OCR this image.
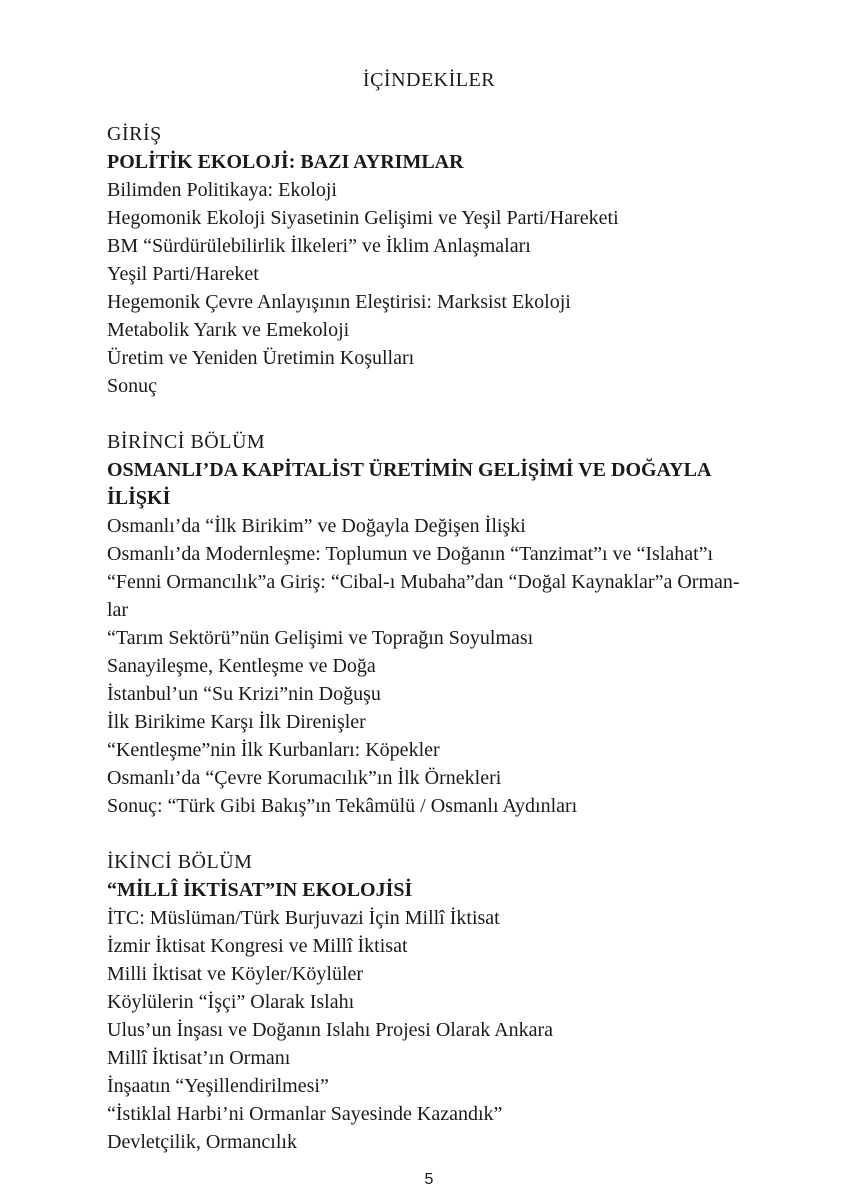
İÇİNDEKİLER
GİRİŞ
POLİTİK EKOLOJİ: BAZI AYRIMLAR
Bilimden Politikaya: Ekoloji
Hegomonik Ekoloji Siyasetinin Gelişimi ve Yeşil Parti/Hareketi
BM “Sürdürülebilirlik İlkeleri” ve İklim Anlaşmaları
Yeşil Parti/Hareket
Hegemonik Çevre Anlayışının Eleştirisi: Marksist Ekoloji
Metabolik Yarık ve Emekoloji
Üretim ve Yeniden Üretimin Koşulları
Sonuç
BİRİNCİ BÖLÜM
OSMANLI’DA KAPİTALİST ÜRETİMİN GELİŞİMİ VE DOĞAYLA İLİŞKİ
Osmanlı’da “İlk Birikim” ve Doğayla Değişen İlişki
Osmanlı’da Modernleşme: Toplumun ve Doğanın “Tanzimat”ı ve “Islahat”ı
“Fenni Ormancılık”a Giriş: “Cibal-ı Mubaha”dan “Doğal Kaynaklar”a Orman-
lar
“Tarım Sektörü”nün Gelişimi ve Toprağın Soyulması
Sanayileşme, Kentleşme ve Doğa
İstanbul’un “Su Krizi”nin Doğuşu
İlk Birikime Karşı İlk Direnişler
“Kentleşme”nin İlk Kurbanları: Köpekler
Osmanlı’da “Çevre Korumacılık”ın İlk Örnekleri
Sonuç: “Türk Gibi Bakış”ın Tekâmülü / Osmanlı Aydınları
İKİNCİ BÖLÜM
“MİLLÎ İKTİSAT”IN EKOLOJİSİ
İTC: Müslüman/Türk Burjuvazi İçin Millî İktisat
İzmir İktisat Kongresi ve Millî İktisat
Milli İktisat ve Köyler/Köylüler
Köylülerin “İşçi” Olarak Islahı
Ulus’un İnşası ve Doğanın Islahı Projesi Olarak Ankara
Millî İktisat’ın Ormanı
İnşaatın “Yeşillendirilmesi”
“İstiklal Harbi’ni Ormanlar Sayesinde Kazandık”
Devletçilik, Ormancılık
5
